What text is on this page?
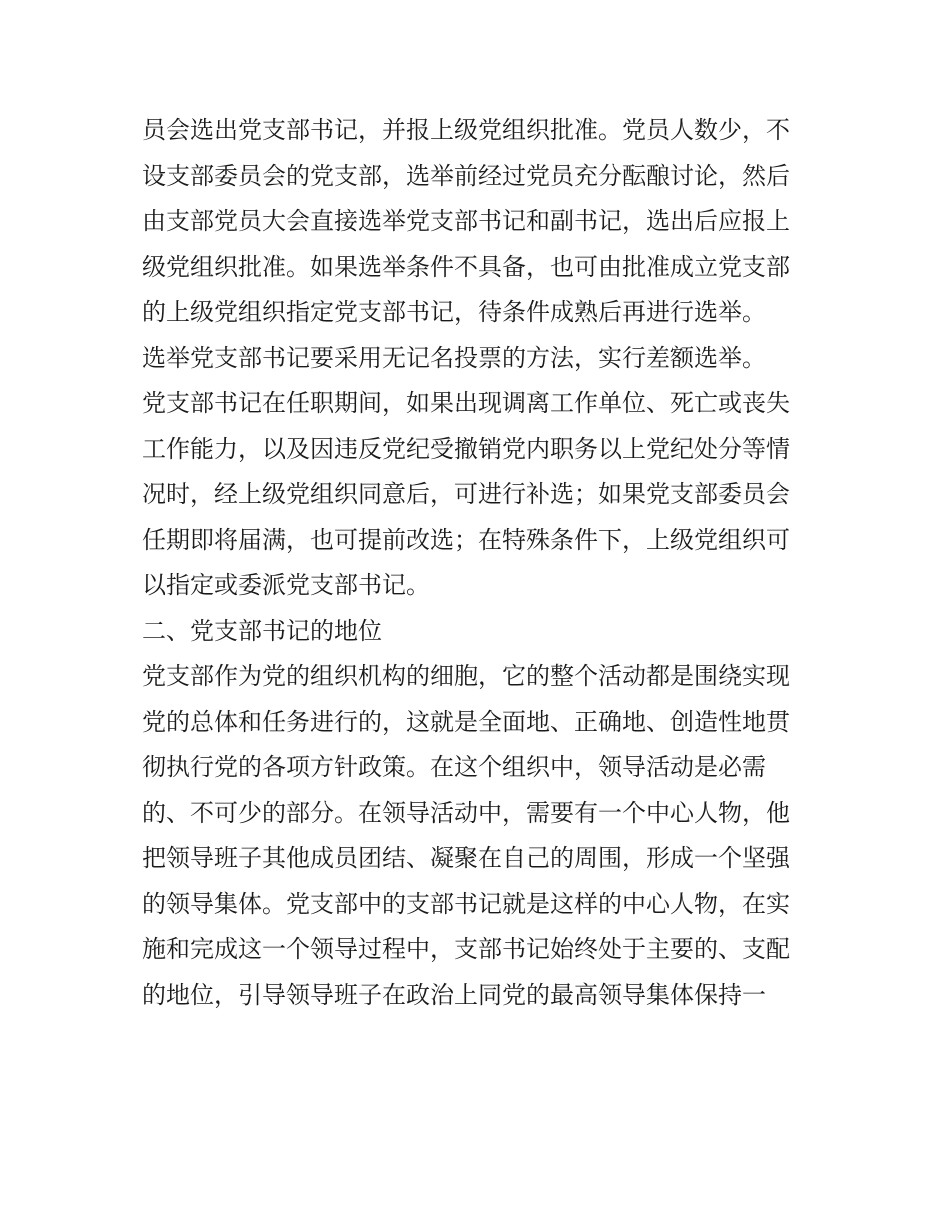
员会选出党支部书记，并报上级党组织批准。党员人数少，不
设支部委员会的党支部，选举前经过党员充分酝酿讨论，然后
由支部党员大会直接选举党支部书记和副书记，选出后应报上
级党组织批准。如果选举条件不具备，也可由批准成立党支部
的上级党组织指定党支部书记，待条件成熟后再进行选举。
选举党支部书记要采用无记名投票的方法，实行差额选举。
党支部书记在任职期间，如果出现调离工作单位、死亡或丧失
工作能力，以及因违反党纪受撤销党内职务以上党纪处分等情
况时，经上级党组织同意后，可进行补选；如果党支部委员会
任期即将届满，也可提前改选；在特殊条件下，上级党组织可
以指定或委派党支部书记。
二、党支部书记的地位
党支部作为党的组织机构的细胞，它的整个活动都是围绕实现
党的总体和任务进行的，这就是全面地、正确地、创造性地贯
彻执行党的各项方针政策。在这个组织中，领导活动是必需
的、不可少的部分。在领导活动中，需要有一个中心人物，他
把领导班子其他成员团结、凝聚在自己的周围，形成一个坚强
的领导集体。党支部中的支部书记就是这样的中心人物，在实
施和完成这一个领导过程中，支部书记始终处于主要的、支配
的地位，引导领导班子在政治上同党的最高领导集体保持一
